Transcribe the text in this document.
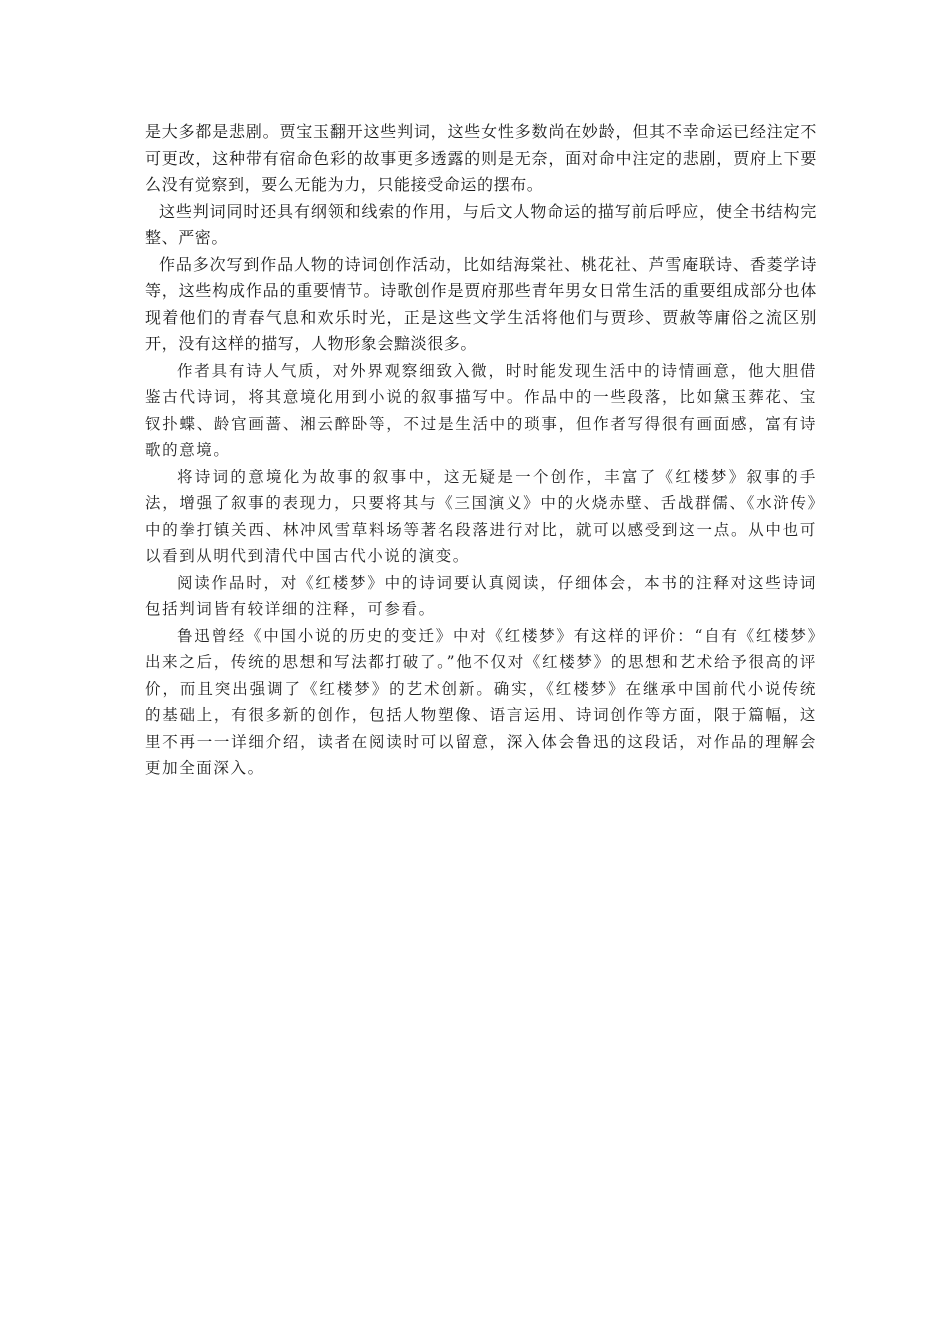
是大多都是悲剧。贾宝玉翻开这些判词，这些女性多数尚在妙龄，但其不幸命运已经注定不可更改，这种带有宿命色彩的故事更多透露的则是无奈，面对命中注定的悲剧，贾府上下要么没有觉察到，要么无能为力，只能接受命运的摆布。

这些判词同时还具有纲领和线索的作用，与后文人物命运的描写前后呼应，使全书结构完整、严密。

作品多次写到作品人物的诗词创作活动，比如结海棠社、桃花社、芦雪庵联诗、香菱学诗等，这些构成作品的重要情节。诗歌创作是贾府那些青年男女日常生活的重要组成部分也体现着他们的青春气息和欢乐时光，正是这些文学生活将他们与贾珍、贾赦等庸俗之流区别开，没有这样的描写，人物形象会黯淡很多。

作者具有诗人气质，对外界观察细致入微，时时能发现生活中的诗情画意，他大胆借鉴古代诗词，将其意境化用到小说的叙事描写中。作品中的一些段落，比如黛玉葬花、宝钗扑蝶、龄官画蔷、湘云醉卧等，不过是生活中的琐事，但作者写得很有画面感，富有诗歌的意境。

将诗词的意境化为故事的叙事中，这无疑是一个创作，丰富了《红楼梦》叙事的手法，增强了叙事的表现力，只要将其与《三国演义》中的火烧赤壁、舌战群儒、《水浒传》中的拳打镇关西、林冲风雪草料场等著名段落进行对比，就可以感受到这一点。从中也可以看到从明代到清代中国古代小说的演变。

阅读作品时，对《红楼梦》中的诗词要认真阅读，仔细体会，本书的注释对这些诗词包括判词皆有较详细的注释，可参看。

鲁迅曾经《中国小说的历史的变迁》中对《红楼梦》有这样的评价：“自有《红楼梦》出来之后，传统的思想和写法都打破了。”他不仅对《红楼梦》的思想和艺术给予很高的评价，而且突出强调了《红楼梦》的艺术创新。确实，《红楼梦》在继承中国前代小说传统的基础上，有很多新的创作，包括人物塑像、语言运用、诗词创作等方面，限于篇幅，这里不再一一详细介绍，读者在阅读时可以留意，深入体会鲁迅的这段话，对作品的理解会更加全面深入。
